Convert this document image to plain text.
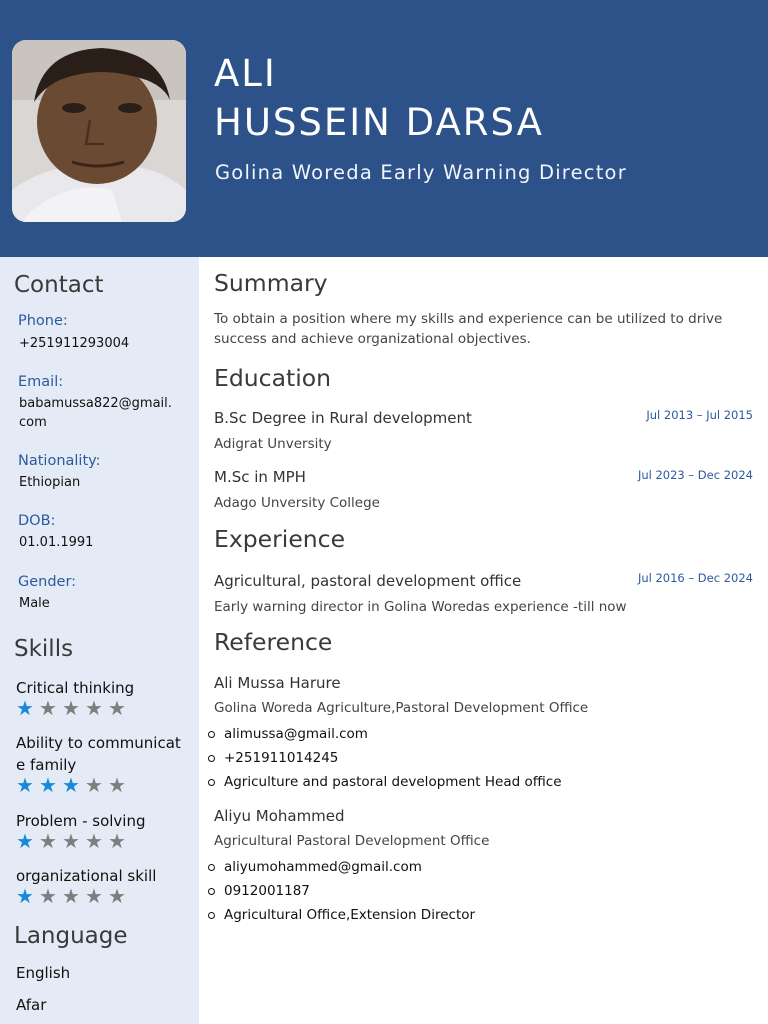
ALI
HUSSEIN DARSA
Golina Woreda Early Warning Director
Contact
Phone:
+251911293004
Email:
babamussa822@gmail.
com
Nationality:
Ethiopian
DOB:
01.01.1991
Gender:
Male
Skills
Critical thinking
★ ★ ★ ★ ★
Ability to communicat
e family
★ ★ ★ ★ ★
Problem - solving
★ ★ ★ ★ ★
organizational skill
★ ★ ★ ★ ★
Language
English
Afar
Summary
To obtain a position where my skills and experience can be utilized to drive success and achieve organizational objectives.
Education
B.Sc Degree in Rural development	Jul 2013 – Jul 2015
Adigrat Unversity
M.Sc in MPH	Jul 2023 – Dec 2024
Adago Unversity College
Experience
Agricultural, pastoral development office	Jul 2016 – Dec 2024
Early warning director in Golina Woredas experience -till now
Reference
Ali Mussa Harure
Golina Woreda Agriculture,Pastoral Development Office
alimussa@gmail.com
+251911014245
Agriculture and pastoral development Head office
Aliyu Mohammed
Agricultural Pastoral Development Office
aliyumohammed@gmail.com
0912001187
Agricultural Office,Extension Director
